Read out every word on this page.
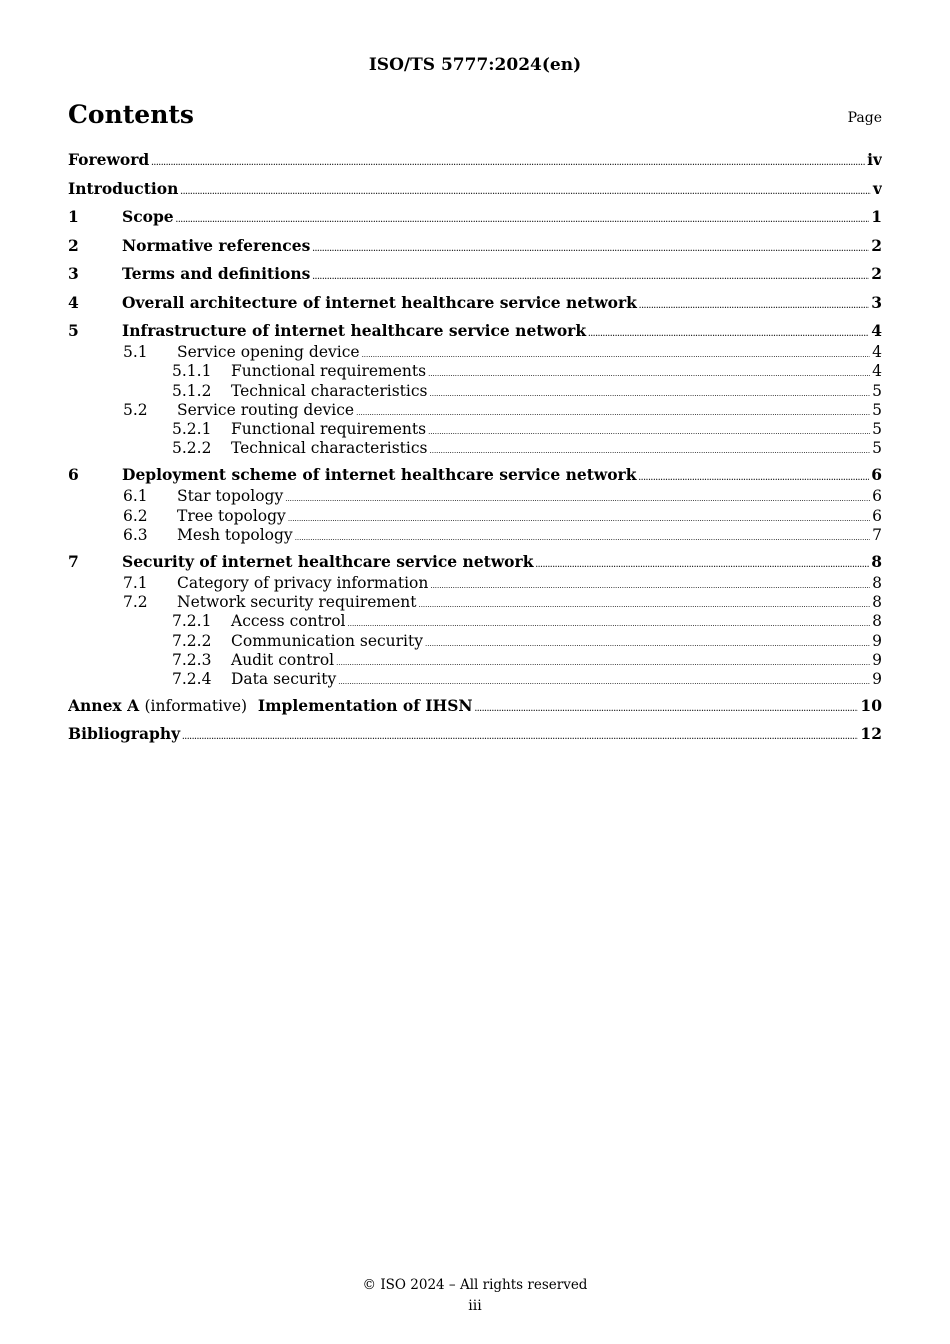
ISO/TS 5777:2024(en)
Contents	Page
Foreword .....	iv
Introduction .....	v
1	Scope .....	1
2	Normative references .....	2
3	Terms and definitions .....	2
4	Overall architecture of internet healthcare service network .....	3
5	Infrastructure of internet healthcare service network .....	4
5.1	Service opening device .....	4
5.1.1	Functional requirements .....	4
5.1.2	Technical characteristics .....	5
5.2	Service routing device .....	5
5.2.1	Functional requirements .....	5
5.2.2	Technical characteristics .....	5
6	Deployment scheme of internet healthcare service network .....	6
6.1	Star topology .....	6
6.2	Tree topology .....	6
6.3	Mesh topology .....	7
7	Security of internet healthcare service network .....	8
7.1	Category of privacy information .....	8
7.2	Network security requirement .....	8
7.2.1	Access control .....	8
7.2.2	Communication security .....	9
7.2.3	Audit control .....	9
7.2.4	Data security .....	9
Annex A (informative) Implementation of IHSN .....	10
Bibliography .....	12
© ISO 2024 – All rights reserved
iii
